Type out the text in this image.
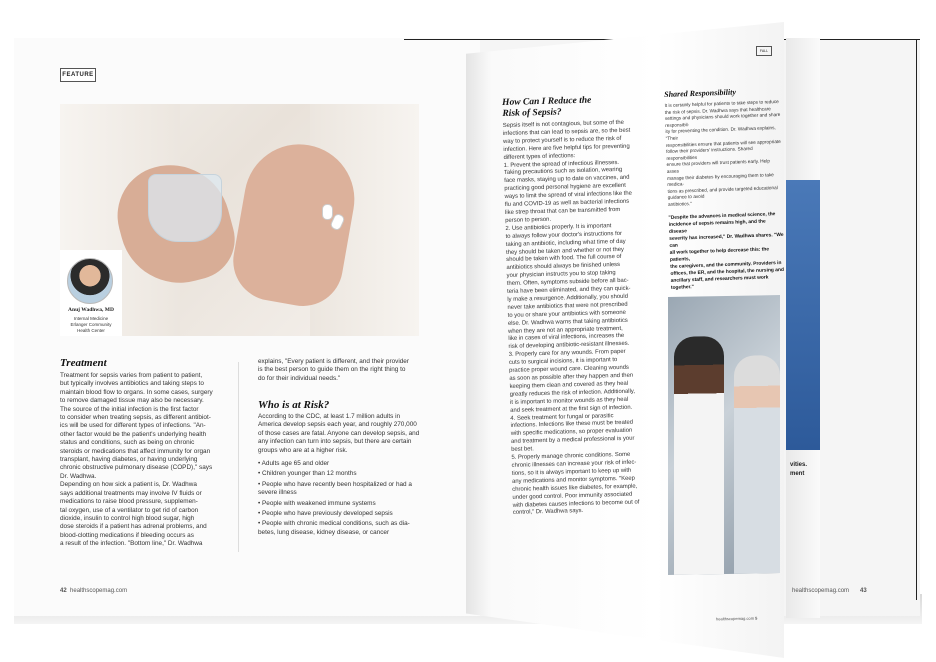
vities.
ment
healthscopemag.com 43
FEATURE
Anuj Wadhwa, MD
Internal Medicine
Erlanger Community
Health Center
Treatment
Treatment for sepsis varies from patient to patient,
but typically involves antibiotics and taking steps to
maintain blood flow to organs. In some cases, surgery
to remove damaged tissue may also be necessary.
The source of the initial infection is the first factor
to consider when treating sepsis, as different antibiot-
ics will be used for different types of infections. "An-
other factor would be the patient's underlying health
status and conditions, such as being on chronic
steroids or medications that affect immunity for organ
transplant, having diabetes, or having underlying
chronic obstructive pulmonary disease (COPD)," says
Dr. Wadhwa.
Depending on how sick a patient is, Dr. Wadhwa
says additional treatments may involve IV fluids or
medications to raise blood pressure, supplemen-
tal oxygen, use of a ventilator to get rid of carbon
dioxide, insulin to control high blood sugar, high
dose steroids if a patient has adrenal problems, and
blood-clotting medications if bleeding occurs as
a result of the infection. "Bottom line," Dr. Wadhwa
explains, "Every patient is different, and their provider
is the best person to guide them on the right thing to
do for their individual needs."
Who is at Risk?
According to the CDC, at least 1.7 million adults in
America develop sepsis each year, and roughly 270,000
of those cases are fatal. Anyone can develop sepsis, and
any infection can turn into sepsis, but there are certain
groups who are at a higher risk.
• Adults age 65 and older
• Children younger than 12 months
• People who have recently been hospitalized or had a
severe illness
• People with weakened immune systems
• People who have previously developed sepsis
• People with chronic medical conditions, such as dia-
betes, lung disease, kidney disease, or cancer
42 healthscopemag.com
FALL
How Can I Reduce the
Risk of Sepsis?
Sepsis itself is not contagious, but some of the
infections that can lead to sepsis are, so the best
way to protect yourself is to reduce the risk of
infection. Here are five helpful tips for preventing
different types of infections:
1. Prevent the spread of infectious illnesses.
Taking precautions such as isolation, wearing
face masks, staying up to date on vaccines, and
practicing good personal hygiene are excellent
ways to limit the spread of viral infections like the
flu and COVID-19 as well as bacterial infections
like strep throat that can be transmitted from
person to person.
2. Use antibiotics properly. It is important
to always follow your doctor's instructions for
taking an antibiotic, including what time of day
they should be taken and whether or not they
should be taken with food. The full course of
antibiotics should always be finished unless
your physician instructs you to stop taking
them. Often, symptoms subside before all bac-
teria have been eliminated, and they can quick-
ly make a resurgence. Additionally, you should
never take antibiotics that were not prescribed
to you or share your antibiotics with someone
else. Dr. Wadhwa warns that taking antibiotics
when they are not an appropriate treatment,
like in cases of viral infections, increases the
risk of developing antibiotic-resistant illnesses.
3. Properly care for any wounds. From paper
cuts to surgical incisions, it is important to
practice proper wound care. Cleaning wounds
as soon as possible after they happen and then
keeping them clean and covered as they heal
greatly reduces the risk of infection. Additionally,
it is important to monitor wounds as they heal
and seek treatment at the first sign of infection.
4. Seek treatment for fungal or parasitic
infections. Infections like these must be treated
with specific medications, so proper evaluation
and treatment by a medical professional is your
best bet.
5. Properly manage chronic conditions. Some
chronic illnesses can increase your risk of infec-
tions, so it is always important to keep up with
any medications and monitor symptoms. "Keep
chronic health issues like diabetes, for example,
under good control. Poor immunity associated
with diabetes causes infections to become out of
control," Dr. Wadhwa says.
Shared Responsibility
It is certainly helpful for patients to take steps to reduce
the risk of sepsis. Dr. Wadhwa says that healthcare
settings and physicians should work together and share responsibil-
ity for preventing the condition. Dr. Wadhwa explains, "Their
responsibilities ensure that patients will see appropriate
follow their providers' instructions. Shared responsibilities
ensure that providers will trust patients early. Help asses
manage their diabetes by encouraging them to take medica-
tions as prescribed, and provide targeted educational guidance to avoid
antibiotics."
"Despite the advances in medical science, the
incidence of sepsis remains high, and the disease
severity has increased," Dr. Wadhwa shares. "We can
all work together to help decrease this: the patients,
the caregivers, and the community. Providers in
offices, the ER, and the hospital, the nursing and
ancillary staff, and researchers must work together."
healthscopemag.com 5
